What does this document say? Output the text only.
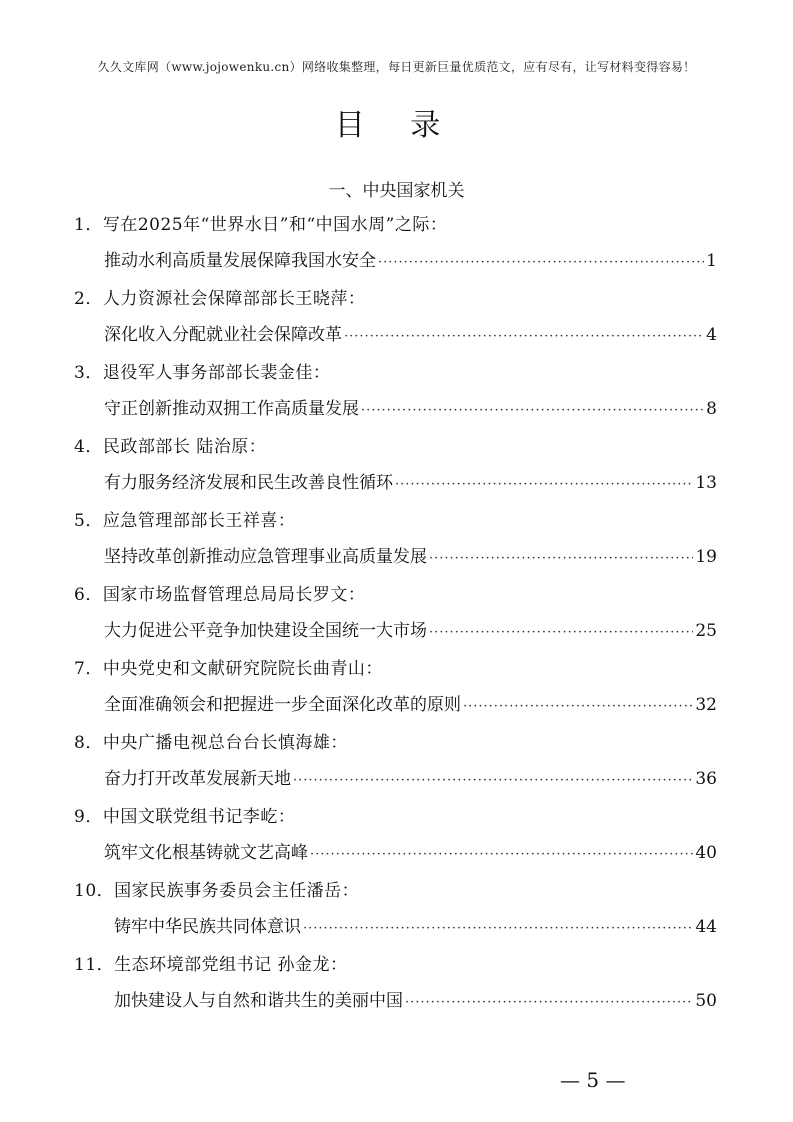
久久文库网（www.jojowenku.cn）网络收集整理，每日更新巨量优质范文，应有尽有，让写材料变得容易！
目 录
一、中央国家机关
1．写在2025年“世界水日”和“中国水周”之际：
推动水利高质量发展保障我国水安全 ·····	1
2．人力资源社会保障部部长王晓萍：
深化收入分配就业社会保障改革 ·····	4
3．退役军人事务部部长裴金佳：
守正创新推动双拥工作高质量发展 ·····	8
4．民政部部长 陆治原：
有力服务经济发展和民生改善良性循环 ·····	13
5．应急管理部部长王祥喜：
坚持改革创新推动应急管理事业高质量发展 ·····	19
6．国家市场监督管理总局局长罗文：
大力促进公平竞争加快建设全国统一大市场 ·····	25
7．中央党史和文献研究院院长曲青山：
全面准确领会和把握进一步全面深化改革的原则 ·····	32
8．中央广播电视总台台长慎海雄：
奋力打开改革发展新天地 ·····	36
9．中国文联党组书记李屹：
筑牢文化根基铸就文艺高峰 ·····	40
10．国家民族事务委员会主任潘岳：
铸牢中华民族共同体意识 ·····	44
11．生态环境部党组书记 孙金龙：
加快建设人与自然和谐共生的美丽中国 ·····	50
— 5 —
